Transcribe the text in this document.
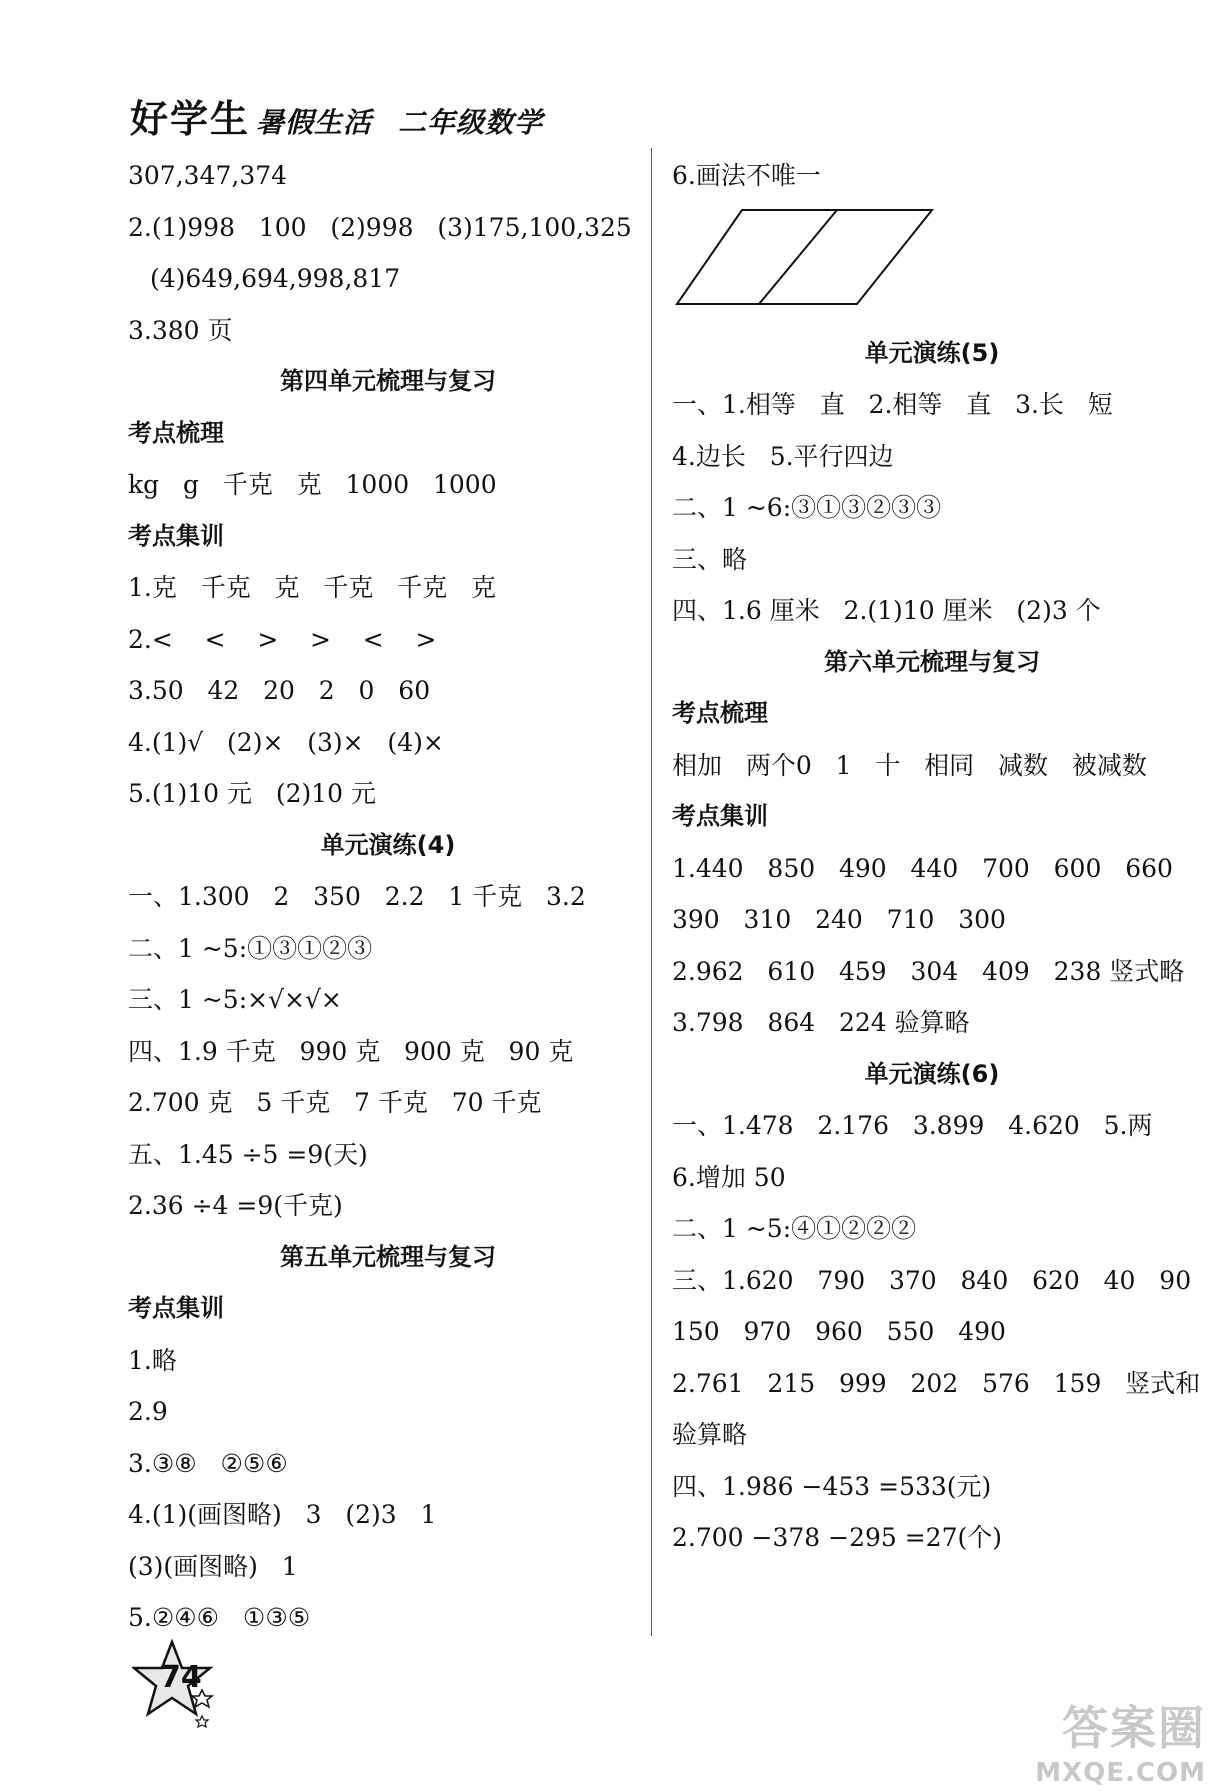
好学生 暑假生活 二年级数学
307,347,374
2.(1)998   100   (2)998   (3)175,100,325
(4)649,694,998,817
3.380 页
第四单元梳理与复习
考点梳理
kg   g   千克   克   1000   1000
考点集训
1.克   千克   克   千克   千克   克
2.<    <    >    >    <    >
3.50   42   20   2   0   60
4.(1)√   (2)×   (3)×   (4)×
5.(1)10 元   (2)10 元
单元演练(4)
一、1.300   2   350   2.2   1 千克   3.2
二、1 ~5:①③①②③
三、1 ~5:×√×√×
四、1.9 千克   990 克   900 克   90 克
2.700 克   5 千克   7 千克   70 千克
五、1.45 ÷5 =9(天)
2.36 ÷4 =9(千克)
第五单元梳理与复习
考点集训
1.略
2.9
3.③⑧   ②⑤⑥
4.(1)(画图略)   3   (2)3   1
(3)(画图略)   1
5.②④⑥   ①③⑤
6.画法不唯一
单元演练(5)
一、1.相等   直   2.相等   直   3.长   短
4.边长   5.平行四边
二、1 ~6:③①③②③③
三、略
四、1.6 厘米   2.(1)10 厘米   (2)3 个
第六单元梳理与复习
考点梳理
相加   两个0   1   十   相同   减数   被减数
考点集训
1.440   850   490   440   700   600   660
390   310   240   710   300
2.962   610   459   304   409   238 竖式略
3.798   864   224 验算略
单元演练(6)
一、1.478   2.176   3.899   4.620   5.两
6.增加 50
二、1 ~5:④①②②②
三、1.620   790   370   840   620   40   90
150   970   960   550   490
2.761   215   999   202   576   159   竖式和
验算略
四、1.986 −453 =533(元)
2.700 −378 −295 =27(个)
74
答案圈
MXQE.COM
